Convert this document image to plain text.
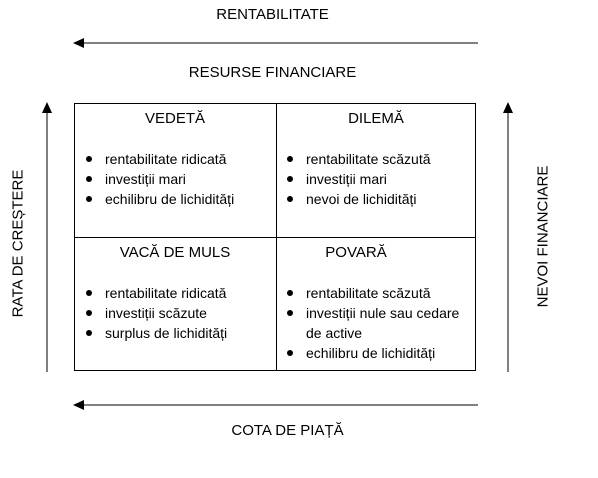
RENTABILITATE
RESURSE FINANCIARE
RATA DE CREȘTERE	NEVOI FINANCIARE
VEDETĂ
rentabilitate ridicată
investiții mari
echilibru de lichidități
DILEMĂ
rentabilitate scăzută
investiții mari
nevoi de lichidități
VACĂ DE MULS
rentabilitate ridicată
investiții scăzute
surplus de lichidități
POVARĂ
rentabilitate scăzută
investiții nule sau cedare de active
echilibru de lichidități
COTA DE PIAȚĂ
